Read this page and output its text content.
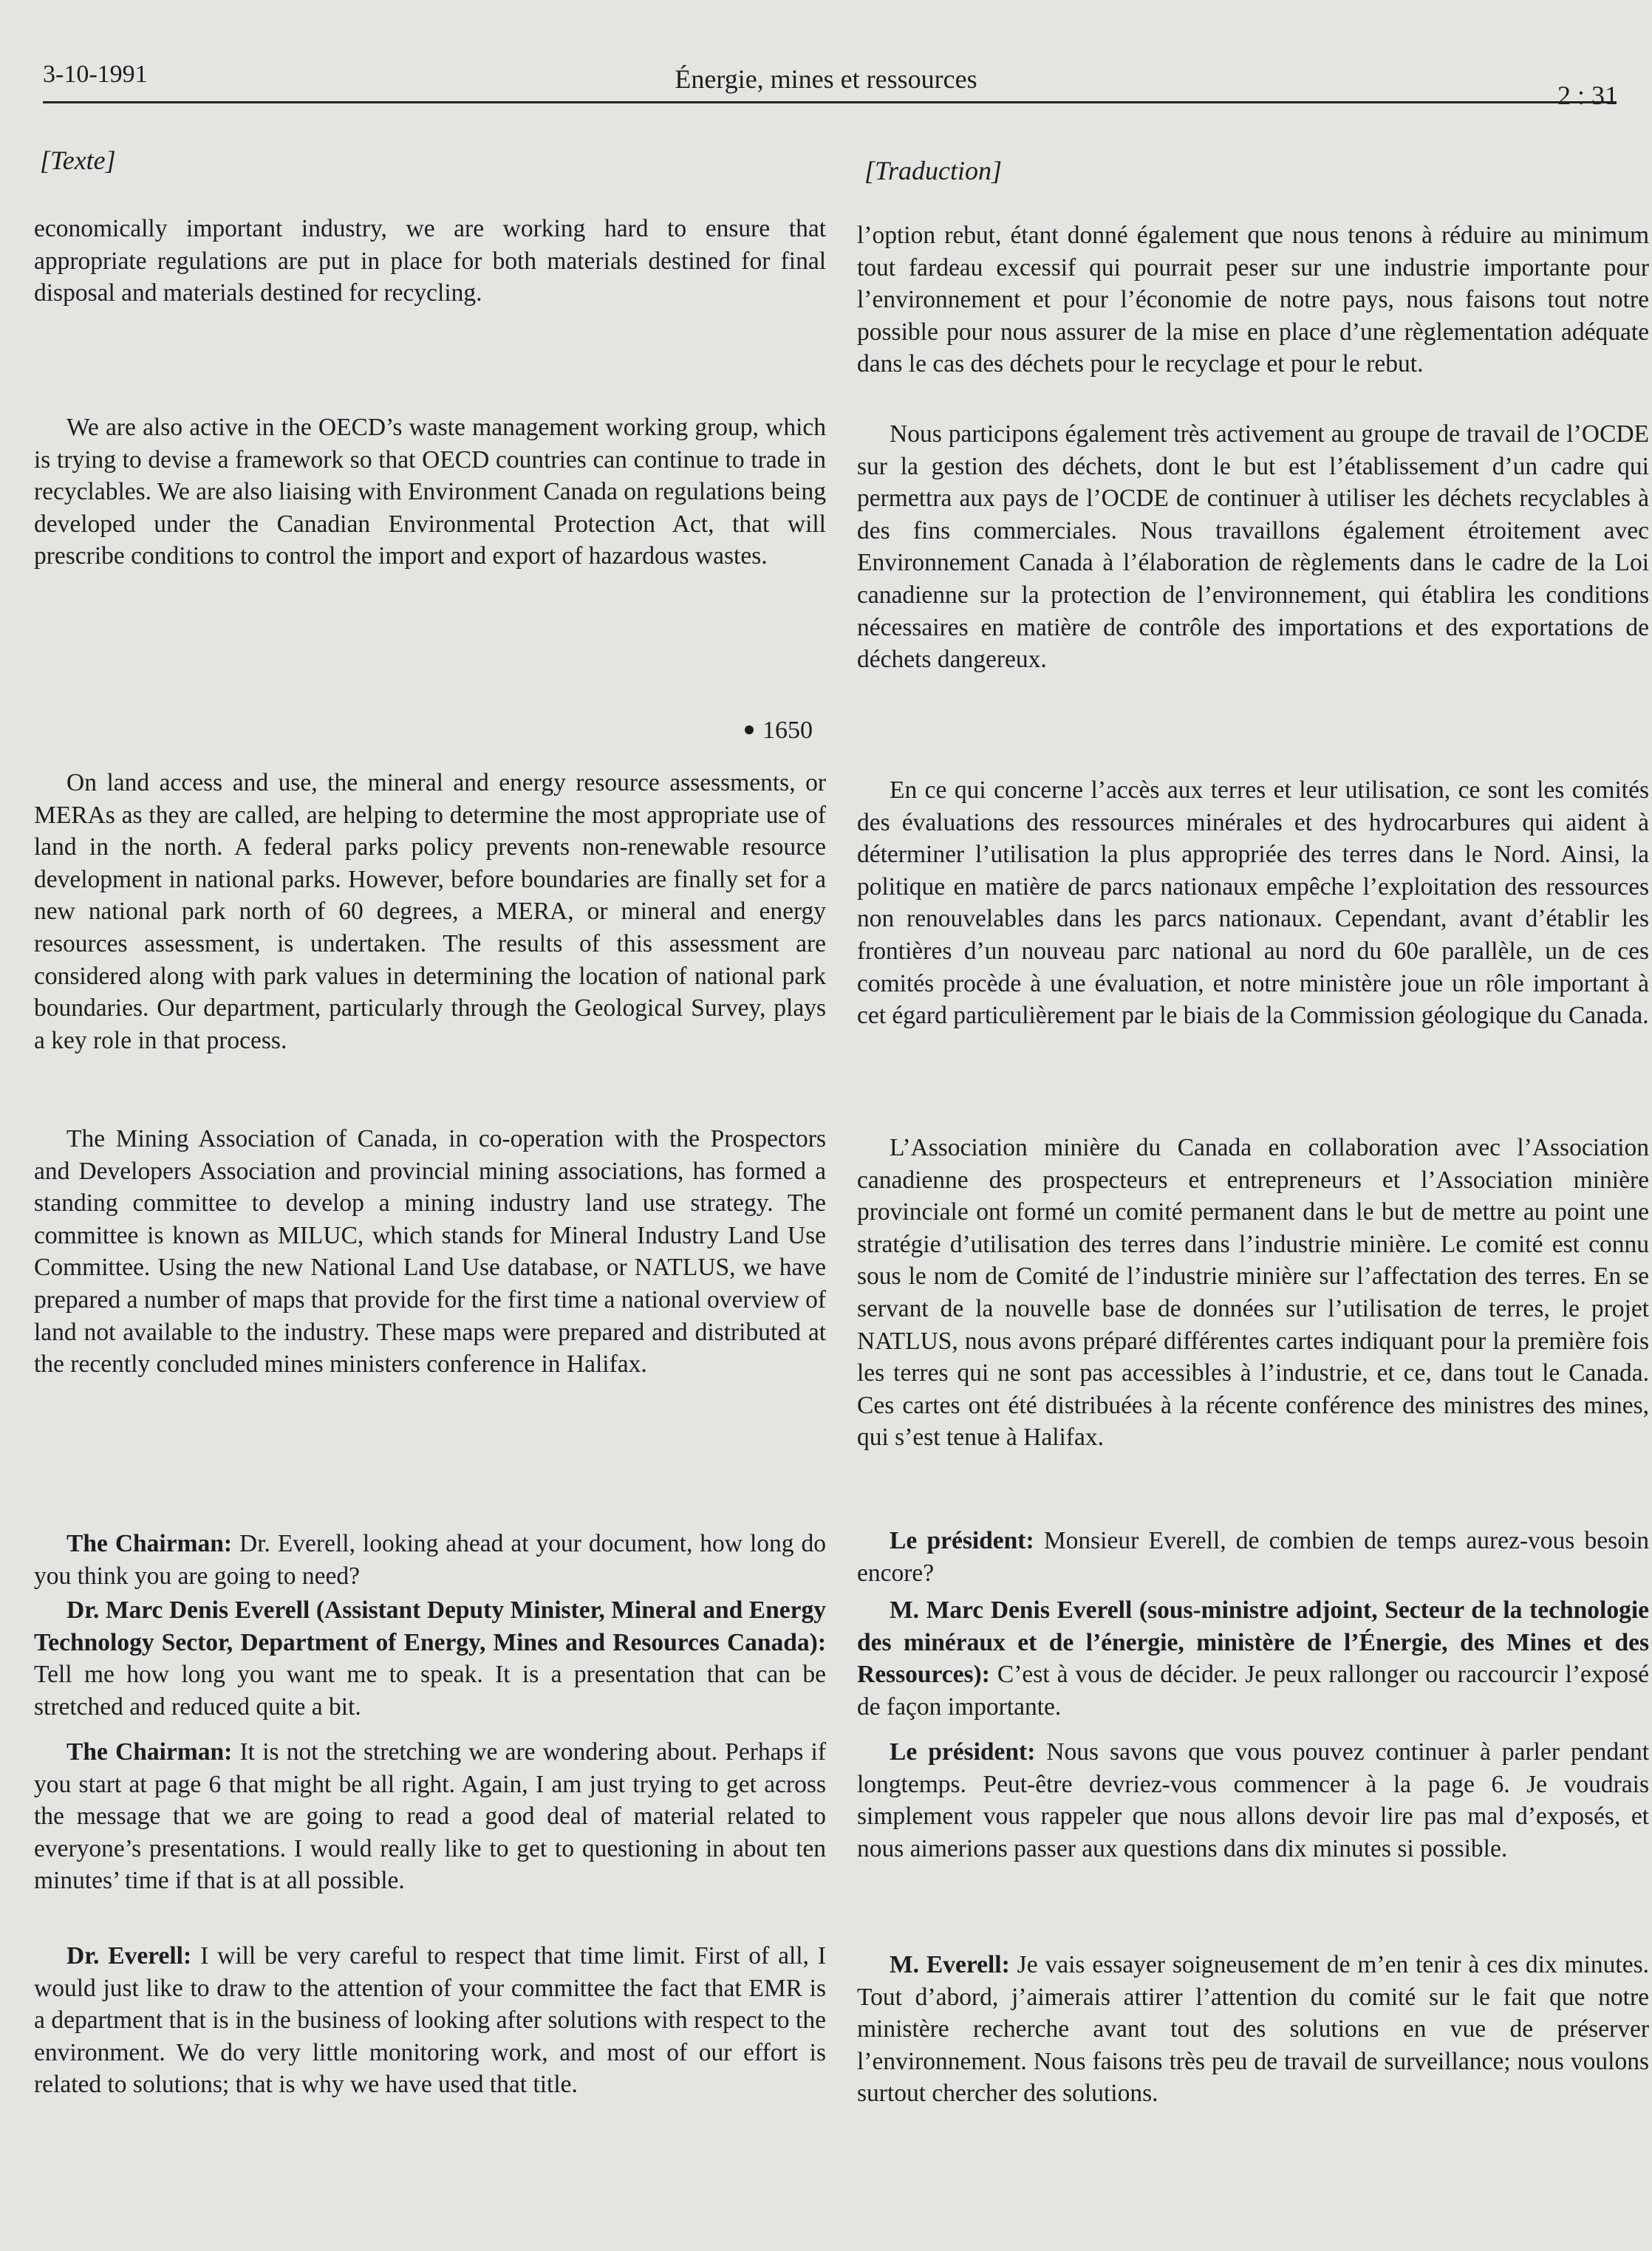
3-10-1991	Énergie, mines et ressources
2 : 31
[Texte]

economically important industry, we are working hard to ensure that appropriate regulations are put in place for both materials destined for final disposal and materials destined for recycling.

We are also active in the OECD’s waste management working group, which is trying to devise a framework so that OECD countries can continue to trade in recyclables. We are also liaising with Environment Canada on regulations being developed under the Canadian Environmental Protection Act, that will prescribe conditions to control the import and export of hazardous wastes.

1650

On land access and use, the mineral and energy resource assessments, or MERAs as they are called, are helping to determine the most appropriate use of land in the north. A federal parks policy prevents non-renewable resource development in national parks. However, before boundaries are finally set for a new national park north of 60 degrees, a MERA, or mineral and energy resources assessment, is undertaken. The results of this assessment are considered along with park values in determining the location of national park boundaries. Our department, particularly through the Geological Survey, plays a key role in that process.

The Mining Association of Canada, in co-operation with the Prospectors and Developers Association and provincial mining associations, has formed a standing committee to develop a mining industry land use strategy. The committee is known as MILUC, which stands for Mineral Industry Land Use Committee. Using the new National Land Use database, or NATLUS, we have prepared a number of maps that provide for the first time a national overview of land not available to the industry. These maps were prepared and distributed at the recently concluded mines ministers conference in Halifax.

The Chairman: Dr. Everell, looking ahead at your document, how long do you think you are going to need?

Dr. Marc Denis Everell (Assistant Deputy Minister, Mineral and Energy Technology Sector, Department of Energy, Mines and Resources Canada): Tell me how long you want me to speak. It is a presentation that can be stretched and reduced quite a bit.

The Chairman: It is not the stretching we are wondering about. Perhaps if you start at page 6 that might be all right. Again, I am just trying to get across the message that we are going to read a good deal of material related to everyone’s presentations. I would really like to get to questioning in about ten minutes’ time if that is at all possible.

Dr. Everell: I will be very careful to respect that time limit. First of all, I would just like to draw to the attention of your committee the fact that EMR is a department that is in the business of looking after solutions with respect to the environment. We do very little monitoring work, and most of our effort is related to solutions; that is why we have used that title.

[Traduction]

l’option rebut, étant donné également que nous tenons à réduire au minimum tout fardeau excessif qui pourrait peser sur une industrie importante pour l’environnement et pour l’économie de notre pays, nous faisons tout notre possible pour nous assurer de la mise en place d’une règlementation adéquate dans le cas des déchets pour le recyclage et pour le rebut.

Nous participons également très activement au groupe de travail de l’OCDE sur la gestion des déchets, dont le but est l’établissement d’un cadre qui permettra aux pays de l’OCDE de continuer à utiliser les déchets recyclables à des fins commerciales. Nous travaillons également étroitement avec Environnement Canada à l’élaboration de règlements dans le cadre de la Loi canadienne sur la protection de l’environnement, qui établira les conditions nécessaires en matière de contrôle des importations et des exportations de déchets dangereux.

En ce qui concerne l’accès aux terres et leur utilisation, ce sont les comités des évaluations des ressources minérales et des hydrocarbures qui aident à déterminer l’utilisation la plus appropriée des terres dans le Nord. Ainsi, la politique en matière de parcs nationaux empêche l’exploitation des ressources non renouvelables dans les parcs nationaux. Cependant, avant d’établir les frontières d’un nouveau parc national au nord du 60e parallèle, un de ces comités procède à une évaluation, et notre ministère joue un rôle important à cet égard particulièrement par le biais de la Commission géologique du Canada.

L’Association minière du Canada en collaboration avec l’Association canadienne des prospecteurs et entrepreneurs et l’Association minière provinciale ont formé un comité permanent dans le but de mettre au point une stratégie d’utilisation des terres dans l’industrie minière. Le comité est connu sous le nom de Comité de l’industrie minière sur l’affectation des terres. En se servant de la nouvelle base de données sur l’utilisation de terres, le projet NATLUS, nous avons préparé différentes cartes indiquant pour la première fois les terres qui ne sont pas accessibles à l’industrie, et ce, dans tout le Canada. Ces cartes ont été distribuées à la récente conférence des ministres des mines, qui s’est tenue à Halifax.

Le président: Monsieur Everell, de combien de temps aurez-vous besoin encore?

M. Marc Denis Everell (sous-ministre adjoint, Secteur de la technologie des minéraux et de l’énergie, ministère de l’Énergie, des Mines et des Ressources): C’est à vous de décider. Je peux rallonger ou raccourcir l’exposé de façon importante.

Le président: Nous savons que vous pouvez continuer à parler pendant longtemps. Peut-être devriez-vous commencer à la page 6. Je voudrais simplement vous rappeler que nous allons devoir lire pas mal d’exposés, et nous aimerions passer aux questions dans dix minutes si possible.

M. Everell: Je vais essayer soigneusement de m’en tenir à ces dix minutes. Tout d’abord, j’aimerais attirer l’attention du comité sur le fait que notre ministère recherche avant tout des solutions en vue de préserver l’environnement. Nous faisons très peu de travail de surveillance; nous voulons surtout chercher des solutions.
